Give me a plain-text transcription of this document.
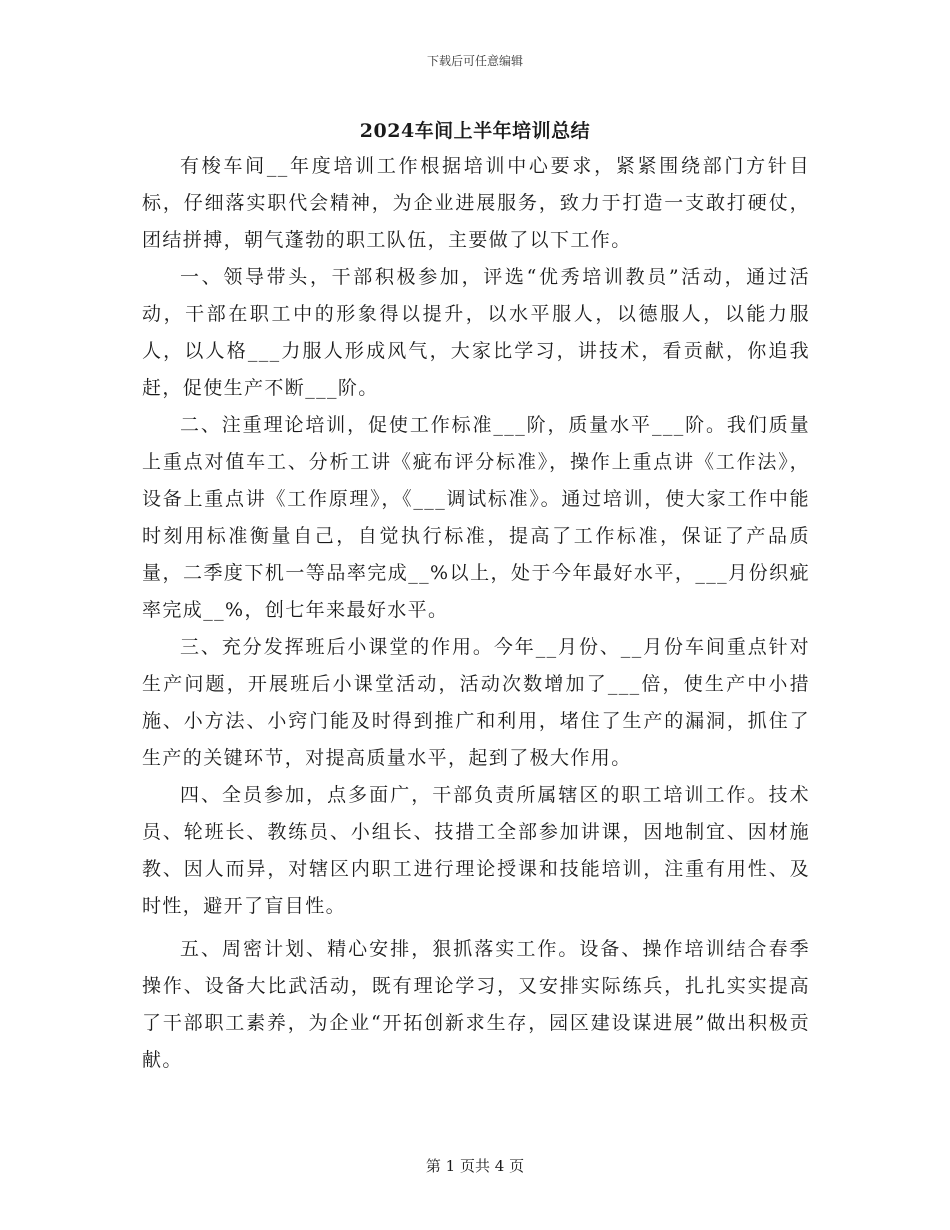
下载后可任意编辑
2024车间上半年培训总结

有梭车间__年度培训工作根据培训中心要求，紧紧围绕部门方针目标，仔细落实职代会精神，为企业进展服务，致力于打造一支敢打硬仗，团结拼搏，朝气蓬勃的职工队伍，主要做了以下工作。

一、领导带头，干部积极参加，评选“优秀培训教员”活动，通过活动，干部在职工中的形象得以提升，以水平服人，以德服人，以能力服人，以人格___力服人形成风气，大家比学习，讲技术，看贡献，你追我赶，促使生产不断___阶。

二、注重理论培训，促使工作标准___阶，质量水平___阶。我们质量上重点对值车工、分析工讲《疵布评分标准》，操作上重点讲《工作法》，设备上重点讲《工作原理》，《___调试标准》。通过培训，使大家工作中能时刻用标准衡量自己，自觉执行标准，提高了工作标准，保证了产品质量，二季度下机一等品率完成__%以上，处于今年最好水平，___月份织疵率完成__%，创七年来最好水平。

三、充分发挥班后小课堂的作用。今年__月份、__月份车间重点针对生产问题，开展班后小课堂活动，活动次数增加了___倍，使生产中小措施、小方法、小窍门能及时得到推广和利用，堵住了生产的漏洞，抓住了生产的关键环节，对提高质量水平，起到了极大作用。

四、全员参加，点多面广，干部负责所属辖区的职工培训工作。技术员、轮班长、教练员、小组长、技措工全部参加讲课，因地制宜、因材施教、因人而异，对辖区内职工进行理论授课和技能培训，注重有用性、及时性，避开了盲目性。

五、周密计划、精心安排，狠抓落实工作。设备、操作培训结合春季操作、设备大比武活动，既有理论学习，又安排实际练兵，扎扎实实提高了干部职工素养，为企业“开拓创新求生存，园区建设谋进展”做出积极贡献。

第 1 页共 4 页
